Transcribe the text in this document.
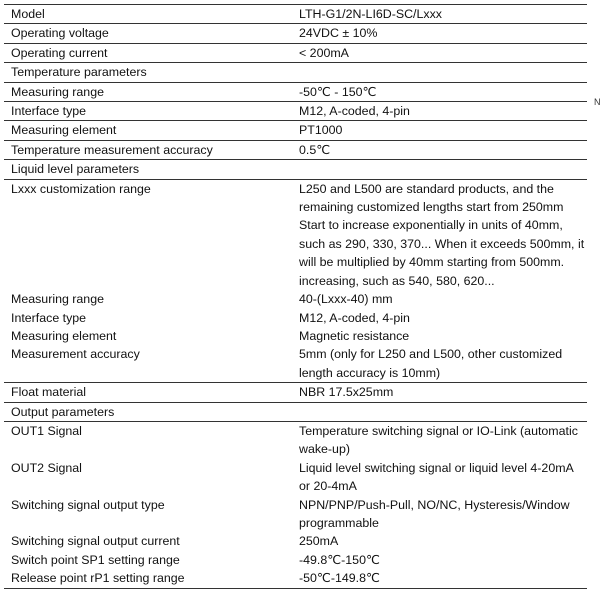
Model	LTH-G1/2N-LI6D-SC/Lxxx
Operating voltage	24VDC ± 10%
Operating current	< 200mA
Temperature parameters	
Measuring range	-50℃ - 150℃
Interface type	M12, A-coded, 4-pin
Measuring element	PT1000
Temperature measurement accuracy	0.5℃
Liquid level parameters	
Lxxx customization range	L250 and L500 are standard products, and the remaining customized lengths start from 250mm Start to increase exponentially in units of 40mm, such as 290, 330, 370... When it exceeds 500mm, it will be multiplied by 40mm starting from 500mm. increasing, such as 540, 580, 620...
Measuring range	40-(Lxxx-40) mm
Interface type	M12, A-coded, 4-pin
Measuring element	Magnetic resistance
Measurement accuracy	5mm (only for L250 and L500, other customized length accuracy is 10mm)
Float material	NBR 17.5x25mm
Output parameters	
OUT1 Signal	Temperature switching signal or IO-Link (automatic wake-up)
OUT2 Signal	Liquid level switching signal or liquid level 4-20mA or 20-4mA
Switching signal output type	NPN/PNP/Push-Pull, NO/NC, Hysteresis/Window programmable
Switching signal output current	250mA
Switch point SP1 setting range	-49.8℃-150℃
Release point rP1 setting range	-50℃-149.8℃
N
